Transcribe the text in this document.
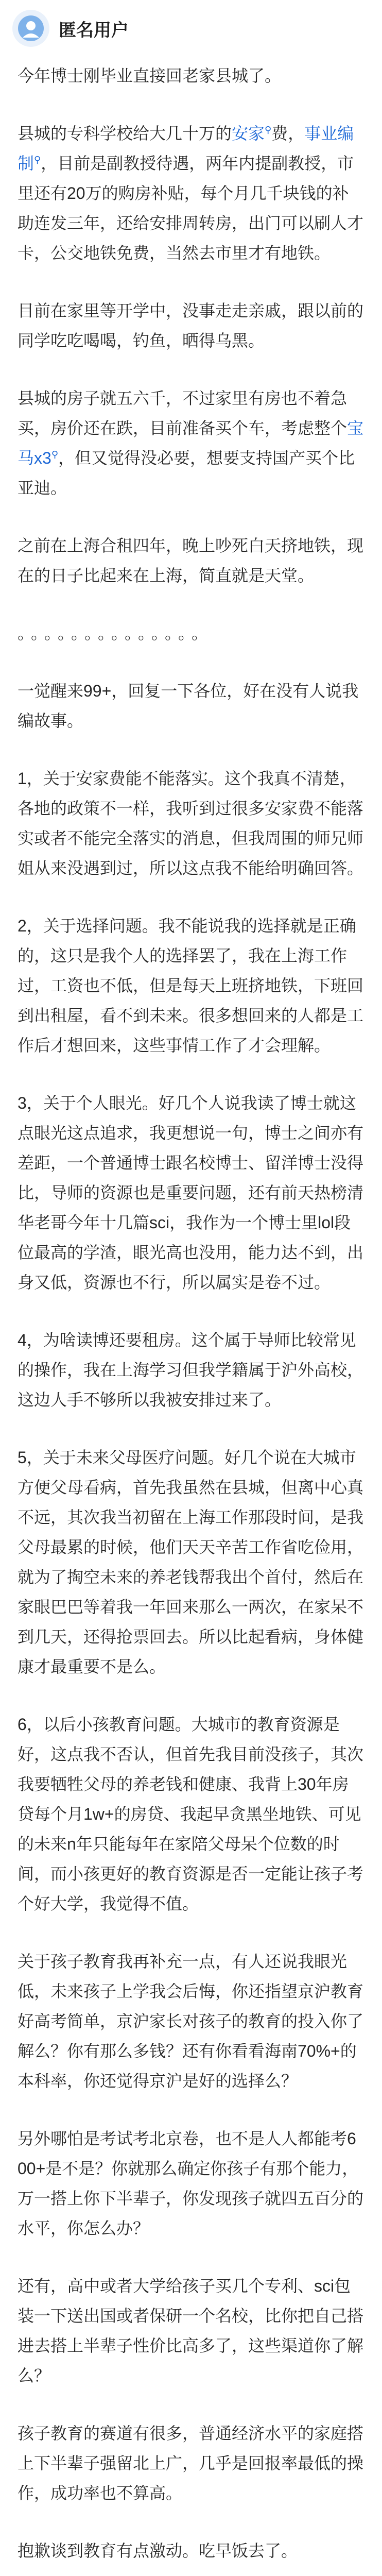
匿名用户

今年博士刚毕业直接回老家县城了。

县城的专科学校给大几十万的安家⚲费，事业编制⚲，目前是副教授待遇，两年内提副教授，市里还有20万的购房补贴，每个月几千块钱的补助连发三年，还给安排周转房，出门可以刷人才卡，公交地铁免费，当然去市里才有地铁。

目前在家里等开学中，没事走走亲戚，跟以前的同学吃吃喝喝，钓鱼，晒得乌黑。

县城的房子就五六千，不过家里有房也不着急买，房价还在跌，目前准备买个车，考虑整个宝马x3⚲，但又觉得没必要，想要支持国产买个比亚迪。

之前在上海合租四年，晚上吵死白天挤地铁，现在的日子比起来在上海，简直就是天堂。

。。。。。。。。。。。。。。

一觉醒来99+，回复一下各位，好在没有人说我编故事。

1，关于安家费能不能落实。这个我真不清楚，各地的政策不一样，我听到过很多安家费不能落实或者不能完全落实的消息，但我周围的师兄师姐从来没遇到过，所以这点我不能给明确回答。

2，关于选择问题。我不能说我的选择就是正确的，这只是我个人的选择罢了，我在上海工作过，工资也不低，但是每天上班挤地铁，下班回到出租屋，看不到未来。很多想回来的人都是工作后才想回来，这些事情工作了才会理解。

3，关于个人眼光。好几个人说我读了博士就这点眼光这点追求，我更想说一句，博士之间亦有差距，一个普通博士跟名校博士、留洋博士没得比，导师的资源也是重要问题，还有前天热榜清华老哥今年十几篇sci，我作为一个博士里lol段位最高的学渣，眼光高也没用，能力达不到，出身又低，资源也不行，所以属实是卷不过。

4，为啥读博还要租房。这个属于导师比较常见的操作，我在上海学习但我学籍属于沪外高校，这边人手不够所以我被安排过来了。

5，关于未来父母医疗问题。好几个说在大城市方便父母看病，首先我虽然在县城，但离中心真不远，其次我当初留在上海工作那段时间，是我父母最累的时候，他们天天辛苦工作省吃俭用，就为了掏空未来的养老钱帮我出个首付，然后在家眼巴巴等着我一年回来那么一两次，在家呆不到几天，还得抢票回去。所以比起看病，身体健康才最重要不是么。

6，以后小孩教育问题。大城市的教育资源是好，这点我不否认，但首先我目前没孩子，其次我要牺牲父母的养老钱和健康、我背上30年房贷每个月1w+的房贷、我起早贪黑坐地铁、可见的未来n年只能每年在家陪父母呆个位数的时间，而小孩更好的教育资源是否一定能让孩子考个好大学，我觉得不值。

关于孩子教育我再补充一点，有人还说我眼光低，未来孩子上学我会后悔，你还指望京沪教育好高考简单，京沪家长对孩子的教育的投入你了解么？你有那么多钱？还有你看看海南70%+的本科率，你还觉得京沪是好的选择么？

另外哪怕是考试考北京卷，也不是人人都能考600+是不是？你就那么确定你孩子有那个能力，万一搭上你下半辈子，你发现孩子就四五百分的水平，你怎么办？

还有，高中或者大学给孩子买几个专利、sci包装一下送出国或者保研一个名校，比你把自己搭进去搭上半辈子性价比高多了，这些渠道你了解么？

孩子教育的赛道有很多，普通经济水平的家庭搭上下半辈子强留北上广，几乎是回报率最低的操作，成功率也不算高。

抱歉谈到教育有点激动。吃早饭去了。
